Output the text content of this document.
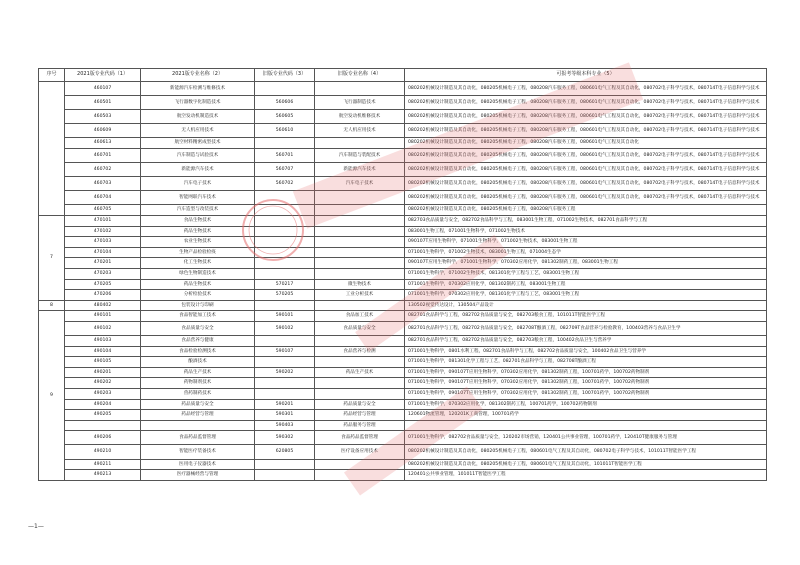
序号	2021版专业代码（1）	2021版专业名称（2）	旧版专业代码（3）	旧版专业名称（4）	可报考等级本科专业（5）
	460107	新能源汽车检测与维修技术			080202机械设计制造及其自动化，080205机械电子工程，080208汽车服务工程，080601电气工程及其自动化，080702电子科学与技术，080714T电子信息科学与技术
	460501	飞行器数字化制造技术	560606	飞行器制造技术	080202机械设计制造及其自动化，080205机械电子工程，080208汽车服务工程，080601电气工程及其自动化，080702电子科学与技术，080714T电子信息科学与技术
	460503	航空发动机制造技术	560605	航空发动机维修技术	080202机械设计制造及其自动化，080205机械电子工程，080208汽车服务工程，080601电气工程及其自动化，080702电子科学与技术，080714T电子信息科学与技术
	460609	无人机应用技术	560610	无人机应用技术	080202机械设计制造及其自动化，080205机械电子工程，080208汽车服务工程，080601电气工程及其自动化，080702电子科学与技术，080714T电子信息科学与技术
	460613	航空材料精密成型技术			080202机械设计制造及其自动化，080205机械电子工程，080208汽车服务工程，080601电气工程及其自动化
	460701	汽车制造与试验技术	560701	汽车制造与装配技术	080202机械设计制造及其自动化，080205机械电子工程，080208汽车服务工程，080601电气工程及其自动化，080702电子科学与技术，080714T电子信息科学与技术
	460702	新能源汽车技术	560707	新能源汽车技术	080202机械设计制造及其自动化，080205机械电子工程，080208汽车服务工程，080601电气工程及其自动化，080702电子科学与技术，080714T电子信息科学与技术
	460703	汽车电子技术	560702	汽车电子技术	080202机械设计制造及其自动化，080205机械电子工程，080208汽车服务工程，080601电气工程及其自动化，080702电子科学与技术，080714T电子信息科学与技术
	460704	智能网联汽车技术			080202机械设计制造及其自动化，080205机械电子工程，080208汽车服务工程，080601电气工程及其自动化，080702电子科学与技术，080714T电子信息科学与技术
	460705	汽车造型与改装技术			080202机械设计制造及其自动化，080205机械电子工程，080208汽车服务工程
7	470101	食品生物技术			082703食品质量与安全，082702食品科学与工程，083001生物工程，071002生物技术，082701食品科学与工程
	470102	药品生物技术			083001生物工程，071001生物科学，071002生物技术
	470103	农业生物技术			090107T应用生物科学，071001生物科学，071002生物技术，083001生物工程
	470104	生物产品检验检疫			071001生物科学，071002生物技术，083001生物工程，071004生态学
	470201	化工生物技术			090107T应用生物科学，071001生物科学，070302应用化学，081302制药工程，083001生物工程
	470203	绿色生物制造技术			071001生物科学，071002生物技术，081301化学工程与工艺，083001生物工程
	470205	药品生物技术	570217	微生物技术	071001生物科学，070302应用化学，081302制药工程，083001生物工程
	470206	分析检验技术	570205	工业分析技术	071001生物科学，070302应用化学，081301化学工程与工艺，083001生物工程
8	480402	包装设计与印刷			130502视觉传达设计，130504产品设计
9	490101	食品智能加工技术	590101	食品加工技术	082701食品科学与工程，082702食品质量与安全，082703粮食工程，101011T智能医学工程
	490102	食品质量与安全	590102	食品质量与安全	082701食品科学与工程，082702食品质量与安全，082708T酿酒工程，082709T食品营养与检验教育，100403营养与食品卫生学
	490103	食品营养与健康			082701食品科学与工程，082702食品质量与安全，082703粮食工程，100402食品卫生与营养学
	490104	食品检验检测技术	590107	食品营养与检测	071001生物科学，0801水利工程，082701食品科学与工程，082702食品质量与安全，100402食品卫生与营养学
	490105	酿酒技术			071001生物科学，081301化学工程与工艺，082701食品科学与工程，082708T酿酒工程
	490201	药品生产技术	590202	药品生产技术	071001生物科学，090107T应用生物科学，070302应用化学，081302制药工程，100701药学，100702药物制剂
	490202	药物制剂技术			071001生物科学，090107T应用生物科学，070302应用化学，081302制药工程，100701药学，100702药物制剂
	490203	兽药制药技术			071001生物科学，090107T应用生物科学，070302应用化学，081302制药工程，100701药学，100702药物制剂
	490204	药品质量与安全	590201	药品质量与安全	071001生物科学，070302应用化学，081302制药工程，100701药学，100702药物制剂
	490205	药品经营与管理	590301	药品经营与管理	120601物流管理，120201K工商管理，100701药学
			590403	药品服务与管理	
	490206	食品药品监督管理	590302	食品药品监督管理	071001生物科学，082702食品质量与安全，120202市场营销，120401公共事业管理，100701药学，120410T健康服务与管理
	490210	智能医疗装备技术	620805	医疗设备应用技术	080202机械设计制造及其自动化，080205机械电子工程，080601电气工程及其自动化，080702电子科学与技术，101011T智能医学工程
	490211	医用电子仪器技术			080202机械设计制造及其自动化，080205机械电子工程，080601电气工程及其自动化，101011T智能医学工程
	490213	医疗器械经营与管理			120401公共事业管理，101011T智能医学工程
—1—
